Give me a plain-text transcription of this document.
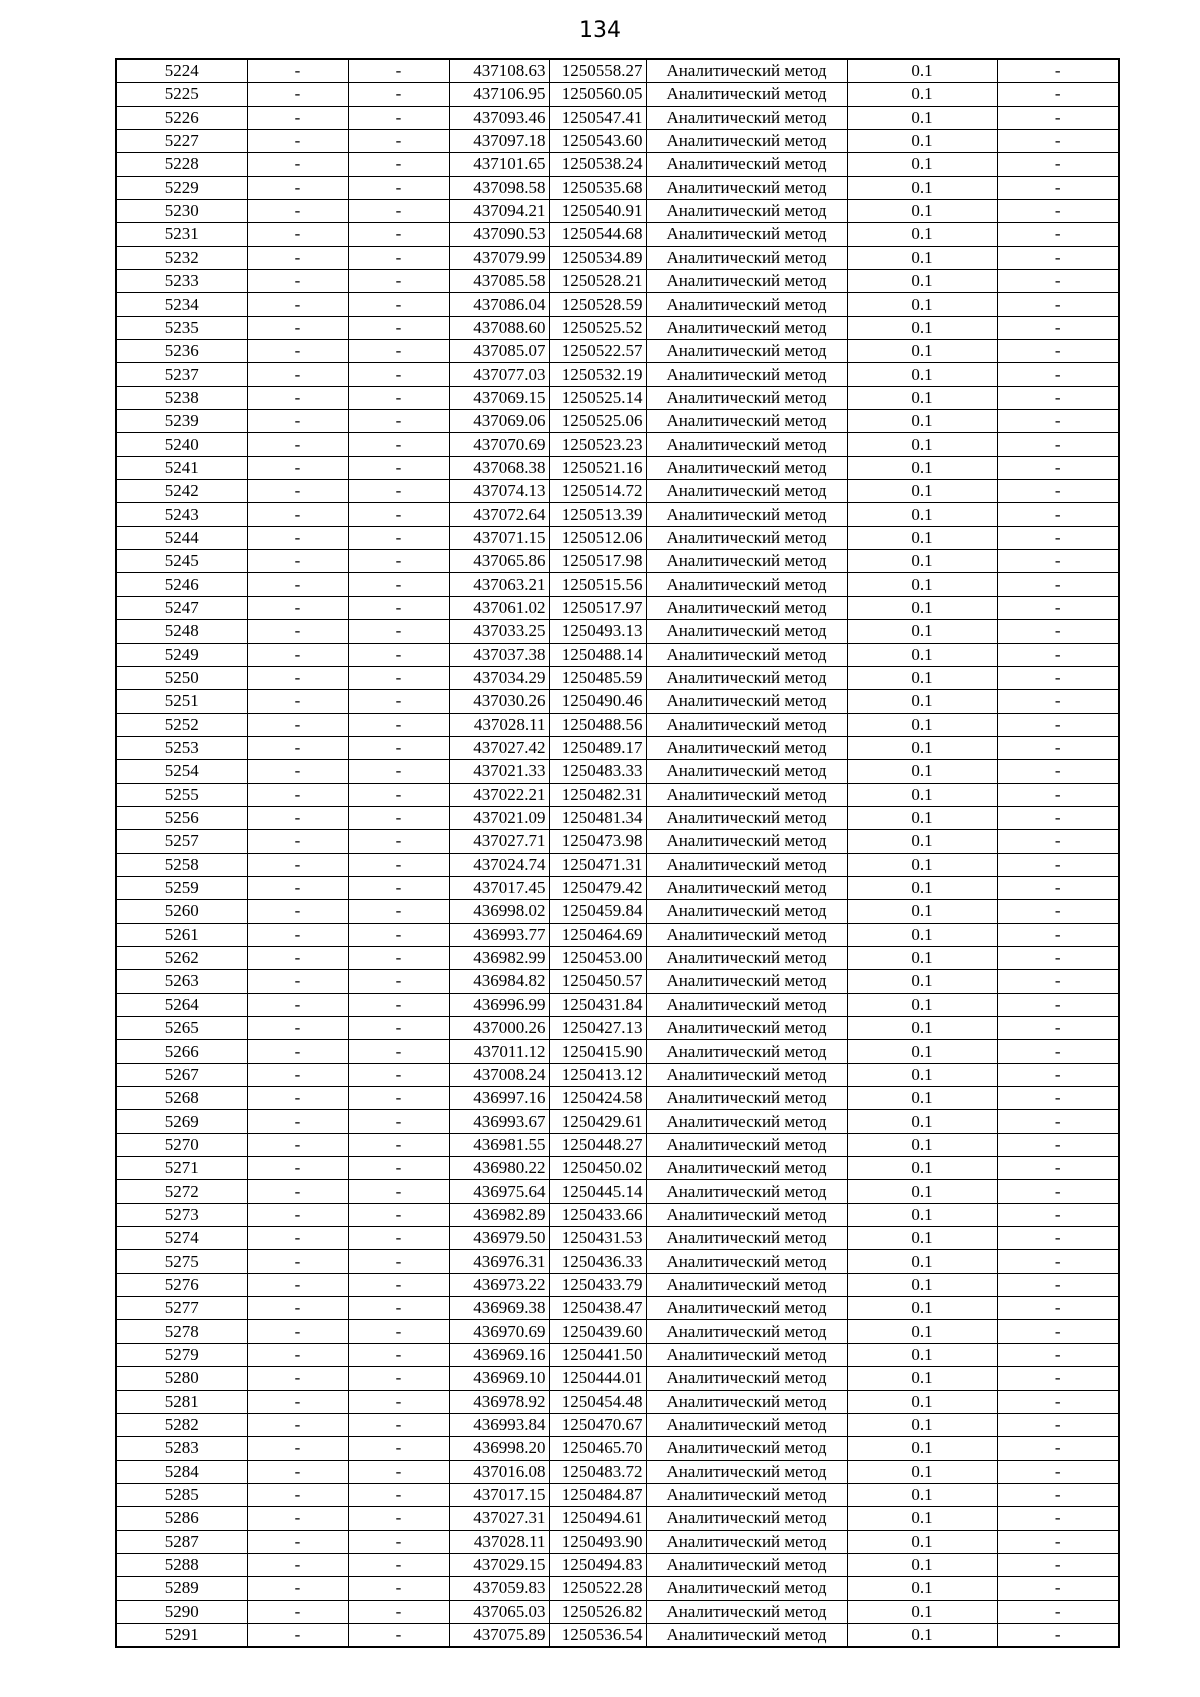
134
5224	-	-	437108.63	1250558.27	Аналитический метод	0.1	-
5225	-	-	437106.95	1250560.05	Аналитический метод	0.1	-
5226	-	-	437093.46	1250547.41	Аналитический метод	0.1	-
5227	-	-	437097.18	1250543.60	Аналитический метод	0.1	-
5228	-	-	437101.65	1250538.24	Аналитический метод	0.1	-
5229	-	-	437098.58	1250535.68	Аналитический метод	0.1	-
5230	-	-	437094.21	1250540.91	Аналитический метод	0.1	-
5231	-	-	437090.53	1250544.68	Аналитический метод	0.1	-
5232	-	-	437079.99	1250534.89	Аналитический метод	0.1	-
5233	-	-	437085.58	1250528.21	Аналитический метод	0.1	-
5234	-	-	437086.04	1250528.59	Аналитический метод	0.1	-
5235	-	-	437088.60	1250525.52	Аналитический метод	0.1	-
5236	-	-	437085.07	1250522.57	Аналитический метод	0.1	-
5237	-	-	437077.03	1250532.19	Аналитический метод	0.1	-
5238	-	-	437069.15	1250525.14	Аналитический метод	0.1	-
5239	-	-	437069.06	1250525.06	Аналитический метод	0.1	-
5240	-	-	437070.69	1250523.23	Аналитический метод	0.1	-
5241	-	-	437068.38	1250521.16	Аналитический метод	0.1	-
5242	-	-	437074.13	1250514.72	Аналитический метод	0.1	-
5243	-	-	437072.64	1250513.39	Аналитический метод	0.1	-
5244	-	-	437071.15	1250512.06	Аналитический метод	0.1	-
5245	-	-	437065.86	1250517.98	Аналитический метод	0.1	-
5246	-	-	437063.21	1250515.56	Аналитический метод	0.1	-
5247	-	-	437061.02	1250517.97	Аналитический метод	0.1	-
5248	-	-	437033.25	1250493.13	Аналитический метод	0.1	-
5249	-	-	437037.38	1250488.14	Аналитический метод	0.1	-
5250	-	-	437034.29	1250485.59	Аналитический метод	0.1	-
5251	-	-	437030.26	1250490.46	Аналитический метод	0.1	-
5252	-	-	437028.11	1250488.56	Аналитический метод	0.1	-
5253	-	-	437027.42	1250489.17	Аналитический метод	0.1	-
5254	-	-	437021.33	1250483.33	Аналитический метод	0.1	-
5255	-	-	437022.21	1250482.31	Аналитический метод	0.1	-
5256	-	-	437021.09	1250481.34	Аналитический метод	0.1	-
5257	-	-	437027.71	1250473.98	Аналитический метод	0.1	-
5258	-	-	437024.74	1250471.31	Аналитический метод	0.1	-
5259	-	-	437017.45	1250479.42	Аналитический метод	0.1	-
5260	-	-	436998.02	1250459.84	Аналитический метод	0.1	-
5261	-	-	436993.77	1250464.69	Аналитический метод	0.1	-
5262	-	-	436982.99	1250453.00	Аналитический метод	0.1	-
5263	-	-	436984.82	1250450.57	Аналитический метод	0.1	-
5264	-	-	436996.99	1250431.84	Аналитический метод	0.1	-
5265	-	-	437000.26	1250427.13	Аналитический метод	0.1	-
5266	-	-	437011.12	1250415.90	Аналитический метод	0.1	-
5267	-	-	437008.24	1250413.12	Аналитический метод	0.1	-
5268	-	-	436997.16	1250424.58	Аналитический метод	0.1	-
5269	-	-	436993.67	1250429.61	Аналитический метод	0.1	-
5270	-	-	436981.55	1250448.27	Аналитический метод	0.1	-
5271	-	-	436980.22	1250450.02	Аналитический метод	0.1	-
5272	-	-	436975.64	1250445.14	Аналитический метод	0.1	-
5273	-	-	436982.89	1250433.66	Аналитический метод	0.1	-
5274	-	-	436979.50	1250431.53	Аналитический метод	0.1	-
5275	-	-	436976.31	1250436.33	Аналитический метод	0.1	-
5276	-	-	436973.22	1250433.79	Аналитический метод	0.1	-
5277	-	-	436969.38	1250438.47	Аналитический метод	0.1	-
5278	-	-	436970.69	1250439.60	Аналитический метод	0.1	-
5279	-	-	436969.16	1250441.50	Аналитический метод	0.1	-
5280	-	-	436969.10	1250444.01	Аналитический метод	0.1	-
5281	-	-	436978.92	1250454.48	Аналитический метод	0.1	-
5282	-	-	436993.84	1250470.67	Аналитический метод	0.1	-
5283	-	-	436998.20	1250465.70	Аналитический метод	0.1	-
5284	-	-	437016.08	1250483.72	Аналитический метод	0.1	-
5285	-	-	437017.15	1250484.87	Аналитический метод	0.1	-
5286	-	-	437027.31	1250494.61	Аналитический метод	0.1	-
5287	-	-	437028.11	1250493.90	Аналитический метод	0.1	-
5288	-	-	437029.15	1250494.83	Аналитический метод	0.1	-
5289	-	-	437059.83	1250522.28	Аналитический метод	0.1	-
5290	-	-	437065.03	1250526.82	Аналитический метод	0.1	-
5291	-	-	437075.89	1250536.54	Аналитический метод	0.1	-
